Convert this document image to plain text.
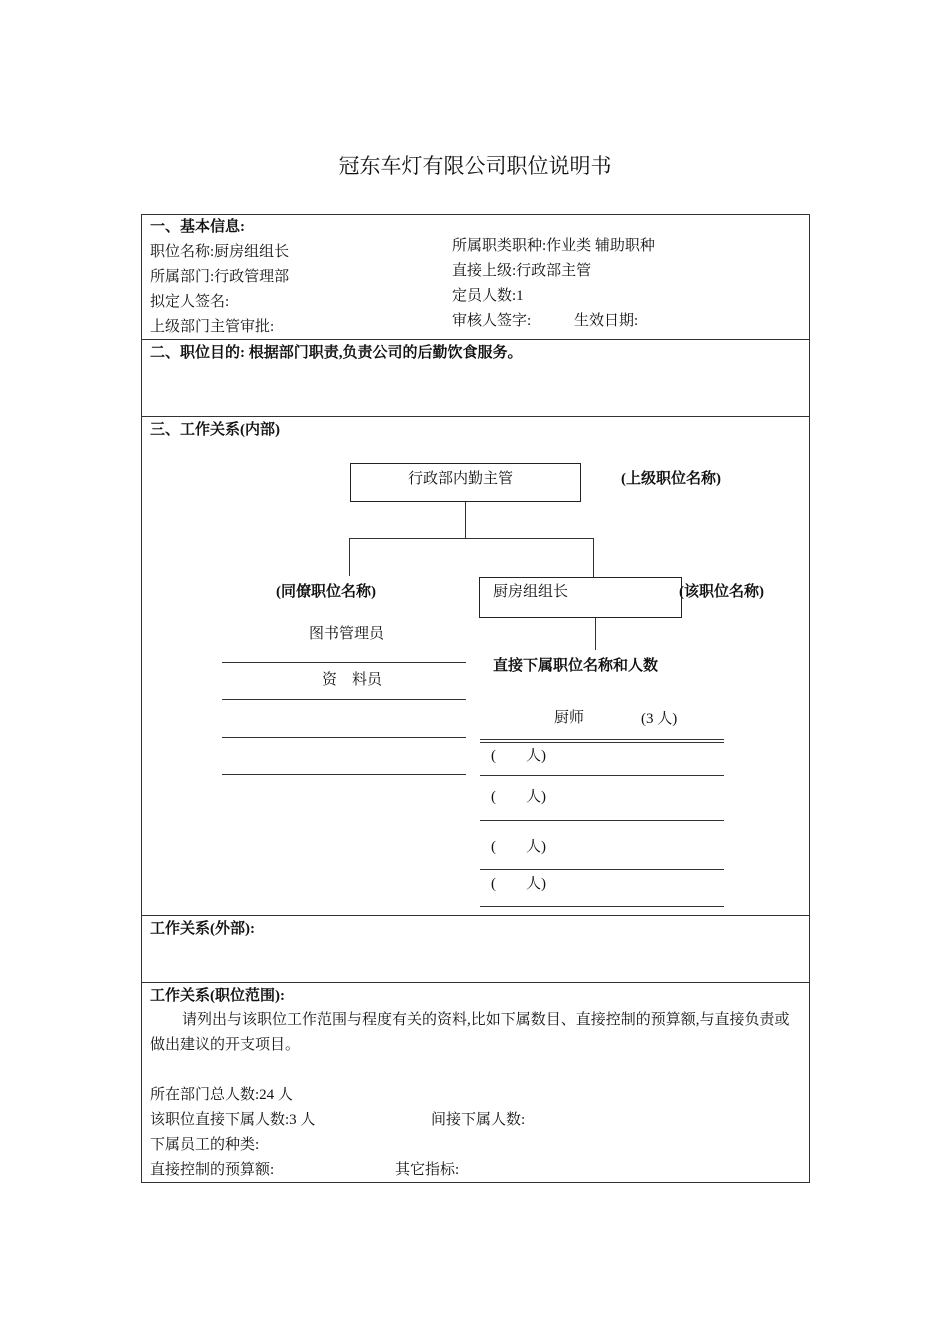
冠东车灯有限公司职位说明书
一、基本信息:
职位名称:厨房组组长
所属部门:行政管理部
拟定人签名:
上级部门主管审批:
所属职类职种:作业类 辅助职种
直接上级:行政部主管
定员人数:1
审核人签字:	生效日期:
二、职位目的: 根据部门职责,负责公司的后勤饮食服务。
三、工作关系(内部)
行政部内勤主管	(上级职位名称)
(同僚职位名称)	厨房组组长	(该职位名称)
图书管理员
资　料员
直接下属职位名称和人数
厨师	(3 人)
(　　人)
(　　人)
(　　人)
(　　人)
工作关系(外部):
工作关系(职位范围):
请列出与该职位工作范围与程度有关的资料,比如下属数目、直接控制的预算额,与直接负责或做出建议的开支项目。
所在部门总人数:24 人
该职位直接下属人数:3 人	间接下属人数:
下属员工的种类:
直接控制的预算额:	其它指标:
